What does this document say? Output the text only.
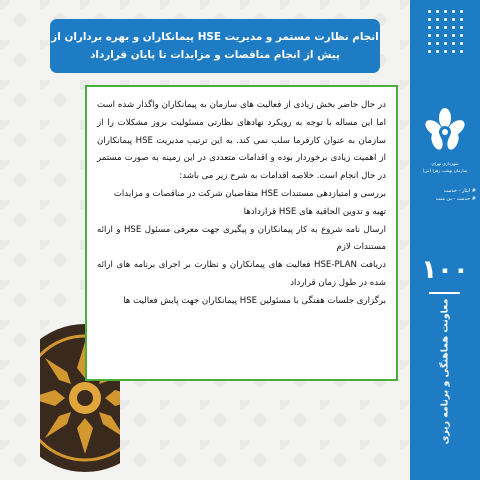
انجام نظارت مستمر و مدیریت HSE پیمانکاران و بهره برداران از
پیش از انجام مناقصات و مزایدات تا پایان قرارداد

در حال حاضر بخش زیادی از فعالیت های سازمان به پیمانکاران واگذار شده است اما این مساله با توجه به رویکرد نهادهای نظارتی مسئولیت بروز مشکلات را از سازمان به عنوان کارفرما سلب نمی کند. به این ترتیب مدیریت HSE پیمانکاران از اهمیت زیادی برخوردار بوده و اقدامات متعددی در این زمینه به صورت مستمر در حال انجام است. خلاصه اقدامات به شرح زیر می باشد:

بررسی و امتیازدهی مستندات HSE متقاضیان شرکت در مناقصات و مزایدات

تهیه و تدوین الحاقیه های HSE قراردادها

ارسال نامه شروع به کار پیمانکاران و پیگیری جهت معرفی مسئول HSE و ارائه مستندات لازم

دریافت HSE-PLAN فعالیت های پیمانکاران و نظارت بر اجرای برنامه های ارائه شده در طول زمان قرارداد

برگزاری جلسات هفتگی با مسئولین HSE پیمانکاران جهت پایش فعالیت ها

شهرداری تهران
سازمان بهشت زهرا (س)
# ایثار - خدمت
# خدمت - بی منت
۱۰۰
معاونت هماهنگی و برنامه ریزی
